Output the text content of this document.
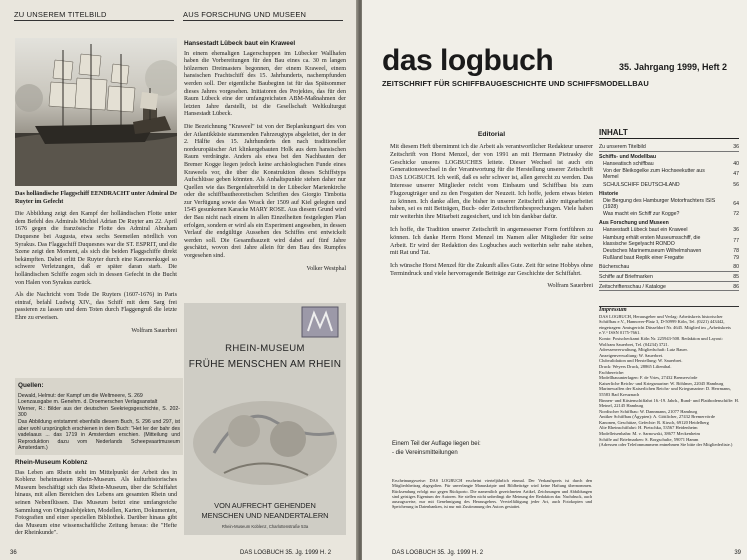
ZU UNSEREM TITELBILD	AUS FORSCHUNG UND MUSEEN

Das holländische Flaggschiff EENDRACHT unter Admiral De Ruyter im Gefecht

Die Abbildung zeigt den Kampf der holländischen Flotte unter dem Befehl des Admirals Michiel Adrian De Ruyter am 22. April 1676 gegen die französische Flotte des Admiral Abraham Duquesne bei Augusta, etwa sechs Seemeilen nördlich von Syrakus. Das Flaggschiff Duquesnes war die ST. ESPRIT, und die Szene zeigt den Moment, als sich die beiden Flaggschiffe direkt bekämpften. Dabei erlitt De Ruyter durch eine Kanonenkugel so schwere Verletzungen, daß er später daran starb. Die holländischen Schiffe zogen sich in dessen Gefecht in die Bucht von Halen von Syrakus zurück.

Als die Nachricht vom Tode De Ruyters (1607-1676) in Paris eintraf, befahl Ludwig XIV., das Schiff mit dem Sarg frei passieren zu lassen und dem Toten durch Flaggengruß die letzte Ehre zu erweisen.

Wolfram Sauerbrei
Quellen:
Dewald, Helmut: der Kampf um die Weltmeere, S. 269
Loenzausgabe m. Genehm. d. Droemerschen Verlagsanstalt
Werner, R.: Bilder aus der deutschen Seekriegsgeschichte, S. 202-300
Das Abbildung entstammt ebenfalls diesem Buch, S. 296 und 297, ist aber wohl ursprünglich erschienen in dem Buch: "Het Ier der bahr des vadelaaus ... das 1719 in Amsterdam erschien. (Mitteilung und Reproduktion dazu vom Nederlands Scheepvaartmuseum Amsterdam.)
Rhein-Museum Koblenz

Das Leben am Rhein steht im Mittelpunkt der Arbeit des in Koblenz beheimateten Rhein-Museum. Als kulturhistorisches Museum beschäftigt sich das Rhein-Museum, über die Schiffahrt hinaus, mit allen Bereichen des Lebens am gesamten Rhein und seinen Nebenflüssen. Das Museum beitzt eine umfangreiche Sammlung von Originalobjekten, Modellen, Karten, Dokumenten, Fotografien und einer speziellen Bibliothek. Darüber hinaus gibt das Museum eine wissenschaftliche Zeitung heraus: die "Hefte der Rheinkunde".

Hansestadt Lübeck baut ein Kraweel

In einem ehemaligen Lagerschuppen im Lübecker Wallhafen haben die Vorbereitungen für den Bau eines ca. 30 m langen hölzernen Dreimasters begonnen, der einem Kraweel, einem hansischen Frachtschiff des 15. Jahrhunderts, nachempfunden werden soll. Der eigentliche Baubeginn ist für das Spätsommer dieses Jahres vorgesehen. Initiatoren des Projektes, das für den Raum Lübeck eine der umfangreichsten ABM-Maßnahmen der letzten Jahre darstellt, ist die Gesellschaft Weltkulturgut Hansestadt Lübeck.

Die Bezeichnung "Kraweel" ist von der Beplankungsart des von der Atlantikküste stammenden Fahrzeugtyps abgeleitet, der in der 2. Hälfte des 15. Jahrhunderts den nach traditioneller nordeuropäischer Art klinkergebauten Holk aus dem hansischen Raum verdrängte. Anders als etwa bei den Nachbauten der Bremer Kogge liegen jedoch keine archäologischen Funde eines Kraweels vor, die über die Konstruktion dieses Schiffstyps Aufschlüsse geben könnten. Als Anhaltspunkte stehen daher nur Quellen wie das Bergenfahrerbild in der Lübecker Marienkirche oder die schiffbautheoretischen Schriften des Giorgio Timbotta zur Verfügung sowie das Wrack der 1509 auf Kiel gelegten und 1545 gesunkenen Karacke MARY ROSE. Aus diesem Grund wird der Bau nicht nach einem in allen Einzelheiten festgelegten Plan erfolgen, sondern er wird als ein Experiment angesehen, in dessen Verlauf die endgültige Aussehen des Schiffes erst entwickelt werden soll. Die Gesamtbauzeit wird dabei auf fünf Jahre geschätzt, wovon drei Jahre allein für den Bau des Rumpfes vorgesehen sind.

Volker Westphal
RHEIN-MUSEUM
FRÜHE MENSCHEN AM RHEIN
VON AUFRECHT GEHENDEN
MENSCHEN UND NEANDERTALERN
Rhein-Museum Koblenz, Charlottenstraße 53a
36	DAS LOGBUCH 35. Jg. 1999 H. 2
das logbuch	35. Jahrgang 1999, Heft 2
ZEITSCHRIFT FÜR SCHIFFBAUGESCHICHTE UND SCHIFFSMODELLBAU
Editorial

Mit diesem Heft übernimmt ich die Arbeit als verantwortlicher Redakteur unserer Zeitschrift von Horst Menzel, der von 1991 an mit Hermann Pietrasky die Geschicke unseres LOGBUCHES leitete. Dieser Wechsel ist auch ein Generationswechsel in der Verantwortung für die Herstellung unserer Zeitschrift DAS LOGBUCH. Ich weiß, daß es sehr schwer ist, allen gerecht zu werden. Das Interesse unserer Mitglieder reicht vom Einbaum und Schiffbau bis zum Flugzeugträger und zu den Fregatten der Neuzeit. Ich hoffe, jedem etwas bieten zu können. Ich danke allen, die bisher in unserer Zeitschrift aktiv mitgearbeitet haben, sei es mit Beiträgen, Buch- oder Zeitschriftenbesprechungen. Viele haben mir weiterhin ihre Mitarbeit zugesichert, und ich bin dankbar dafür.

Ich hoffe, die Tradition unserer Zeitschrift in angemessener Form fortführen zu können. Ich danke Herrn Horst Menzel im Namen aller Mitglieder für seine Arbeit. Er wird der Redaktion des Logbuches auch weiterhin sehr nahe stehen, mit Rat und Tat.

Ich wünsche Horst Menzel für die Zukunft alles Gute. Zeit für seine Hobbys ohne Termindruck und viele hervorragende Beiträge zur Geschichte der Schiffahrt.

Wolfram Sauerbrei
Einem Teil der Auflage liegen bei:
- die Vereinsmitteilungen
Erscheinungsweise: DAS LOGBUCH erscheint vierteljährlich einmal. Der Verkaufspreis ist durch den Mitgliedsbeitrag abgegolten. Für unverlangte Manuskripte und Bildbeiträge wird keine Haftung übernommen. Rücksendung erfolgt nur gegen Rückporto. Die namentlich gezeichneten Artikel, Zeichnungen und Abbildungen sind geistiges Eigentum der Autoren. Sie stellen nicht unbedingt die Meinung der Redaktion dar. Nachdruck, auch auszugsweise, nur mit Genehmigung des Herausgebers. Vervielfältigung jeder Art, auch Fotokopien und Speicherung in Datenbanken, ist nur mit Zustimmung des Autors gestattet.
INHALT
Zu unserem Titelbild	36
Schiffs- und Modellbau	
Hanseatisch schiffbau	40
Von der Bleikogelke zum Hochseekutter aus Memel	47
SCHULSCHIFF DEUTSCHLAND	56
Historie	
Die Bergung des Hamburger Motorfrachters ISIS (1928)	64
Was macht ein Schiff zur Kogge?	72
Aus Forschung und Museen	
Hansestadt Lübeck baut ein Kraweel	36
Hamburg erhält ersten Museumsschiff, die klassische Segelyacht RONDO	77
Deutsches Marinemuseum Wilhelmshaven	78
Rußland baut Replik einer Fregatte	79
Bücherschau	80
Schiffe auf Briefmarken	85
Zeitschriftenschau / Kataloge	86
Impressum
DAS LOGBUCH, Herausgeber und Verlag: Arbeitskreis historischer Schiffbau e.V., Hannover-Platz 3, D-50999 Köln, Tel. (0221) 443442, eingetragen: Amtsgericht Düsseldorf Nr. 4645. Mitglied im „Arbeitskreis e.V.“ ISSN 0175-7661.
Konto: Postscheckamt Köln Nr. 225943-508. Redaktion und Layout: Wolfram Sauerbrei, Tel. (04234) 3721.
Adressenverwaltung, Mitgliedschaft: Lutz Bauer.
Anzeigenverwaltung: W. Sauerbrei.
Clubvalidation und Herstellung: W. Sauerbrei.
Druck: Weyers Druck, 28865 Lilienthal.
Fachbereiche:
Modellbauunterlagen: F. de Vries, 27432 Bremervörde
Kaiserliche Reichs- und Kriegsmarine: W. Böhlmer, 22045 Hamburg
Marinewaffen der Kaiserlichen Reichs- und Kriegsmarine: D. Herrmann, 55583 Bad Kreuznach
Binnen- und Küstenschiffahrt 16.-19. Jahrh., Rund- und Plattbodenschiffe: H. Meinel, 22145 Hamburg
Nordischer Schiffbau: W. Dannmann, 21077 Hamburg
Antiker Schiffbau (Ägypten): A. Göttlicher, 27432 Bremervörde
Kanonen, Geschütze, Gefechte: R. Kirsch, 69120 Heidelberg
Alte Rheinschiffahrt: H. Pietschka, 53567 Heidenheim
Modelleisenbahn: M. v. Sarnowski, 38677 Meckenheim
Schiffe auf Briefmarken: S. Borgschulte, 59071 Hamm
(Adressen oder Telefonnummern entnehmen Sie bitte der Mitgliederliste.)
DAS LOGBUCH 35. Jg. 1999 H. 2	39
